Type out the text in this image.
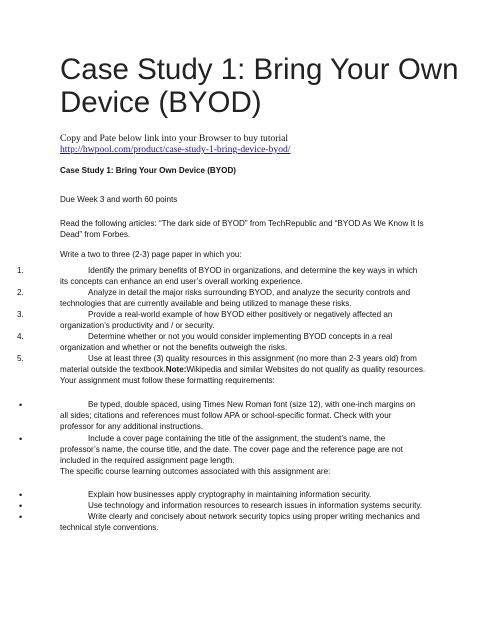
Case Study 1: Bring Your Own
Device (BYOD)
Copy and Pate below link into your Browser to buy tutorial
http://hwpool.com/product/case-study-1-bring-device-byod/
Case Study 1: Bring Your Own Device (BYOD)
Due Week 3 and worth 60 points
Read the following articles: “The dark side of BYOD” from TechRepublic and “BYOD As We Know It Is
Dead” from Forbes.
Write a two to three (2-3) page paper in which you:
1.	Identify the primary benefits of BYOD in organizations, and determine the key ways in which
its concepts can enhance an end user’s overall working experience.
2.	Analyze in detail the major risks surrounding BYOD, and analyze the security controls and
technologies that are currently available and being utilized to manage these risks.
3.	Provide a real-world example of how BYOD either positively or negatively affected an
organization’s productivity and / or security.
4.	Determine whether or not you would consider implementing BYOD concepts in a real
organization and whether or not the benefits outweigh the risks.
5.	Use at least three (3) quality resources in this assignment (no more than 2-3 years old) from
material outside the textbook.Note:Wikipedia and similar Websites do not qualify as quality resources.
Your assignment must follow these formatting requirements:
•	Be typed, double spaced, using Times New Roman font (size 12), with one-inch margins on
all sides; citations and references must follow APA or school-specific format. Check with your
professor for any additional instructions.
•	Include a cover page containing the title of the assignment, the student’s name, the
professor’s name, the course title, and the date. The cover page and the reference page are not
included in the required assignment page length.
The specific course learning outcomes associated with this assignment are:
•	Explain how businesses apply cryptography in maintaining information security.
•	Use technology and information resources to research issues in information systems security.
•	Write clearly and concisely about network security topics using proper writing mechanics and
technical style conventions.
